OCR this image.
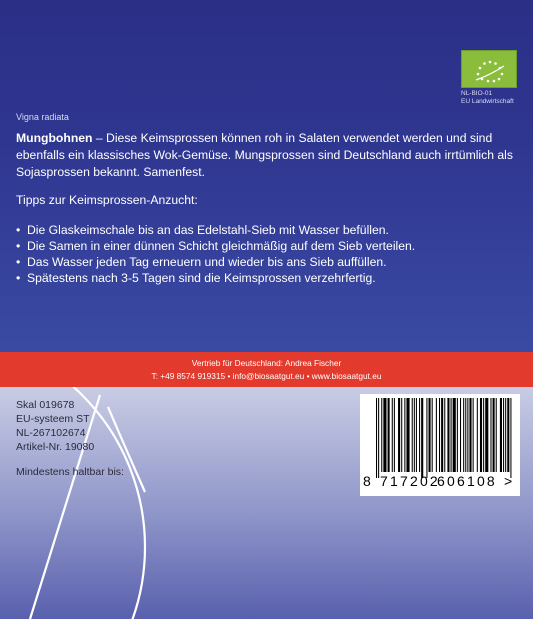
NL-BIO-01
EU Landwirtschaft
Vigna radiata

Mungbohnen – Diese Keimsprossen können roh in Salaten verwendet werden und sind ebenfalls ein klassisches Wok-Gemüse. Mungsprossen sind Deutschland auch irrtümlich als Sojasprossen bekannt. Samenfest.

Tipps zur Keimsprossen-Anzucht:
• Die Glaskeimschale bis an das Edelstahl-Sieb mit Wasser befüllen.
• Die Samen in einer dünnen Schicht gleichmäßig auf dem Sieb verteilen.
• Das Wasser jeden Tag erneuern und wieder bis ans Sieb auffüllen.
• Spätestens nach 3-5 Tagen sind die Keimsprossen verzehrfertig.
Vertrieb für Deutschland: Andrea Fischer
T: +49 8574 919315 • info@biosaatgut.eu • www.biosaatgut.eu
Skal 019678
EU-systeem ST
NL-267102674
Artikel-Nr. 19080
Mindestens haltbar bis:
8 717202
606108 >
